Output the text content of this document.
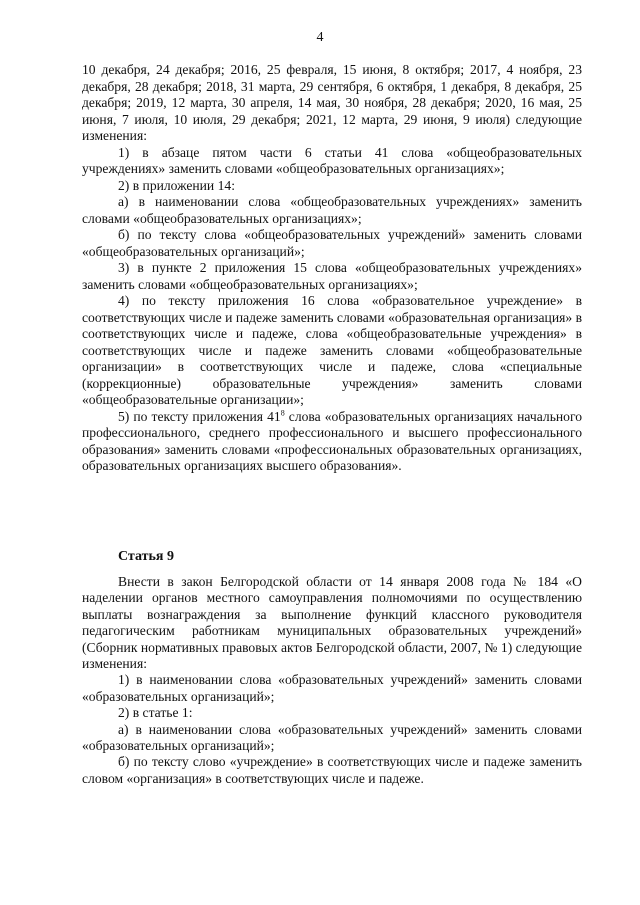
4

10 декабря, 24 декабря; 2016, 25 февраля, 15 июня, 8 октября; 2017, 4 ноября, 23 декабря, 28 декабря; 2018, 31 марта, 29 сентября, 6 октября, 1 декабря, 8 декабря, 25 декабря; 2019, 12 марта, 30 апреля, 14 мая, 30 ноября, 28 декабря; 2020, 16 мая, 25 июня, 7 июля, 10 июля, 29 декабря; 2021, 12 марта, 29 июня, 9 июля) следующие изменения:

1) в абзаце пятом части 6 статьи 41 слова «общеобразовательных учреждениях» заменить словами «общеобразовательных организациях»;

2) в приложении 14:

а) в наименовании слова «общеобразовательных учреждениях» заменить словами «общеобразовательных организациях»;

б) по тексту слова «общеобразовательных учреждений» заменить словами «общеобразовательных организаций»;

3) в пункте 2 приложения 15 слова «общеобразовательных учреждениях» заменить словами «общеобразовательных организациях»;

4) по тексту приложения 16 слова «образовательное учреждение» в соответствующих числе и падеже заменить словами «образовательная организация» в соответствующих числе и падеже, слова «общеобразовательные учреждения» в соответствующих числе и падеже заменить словами «общеобразовательные организации» в соответствующих числе и падеже, слова «специальные (коррекционные) образовательные учреждения» заменить словами «общеобразовательные организации»;

5) по тексту приложения $41^8$ слова «образовательных организациях начального профессионального, среднего профессионального и высшего профессионального образования» заменить словами «профессиональных образовательных организациях, образовательных организациях высшего образования».

Статья 9

Внести в закон Белгородской области от 14 января 2008 года № 184 «О наделении органов местного самоуправления полномочиями по осуществлению выплаты вознаграждения за выполнение функций классного руководителя педагогическим работникам муниципальных образовательных учреждений» (Сборник нормативных правовых актов Белгородской области, 2007, № 1) следующие изменения:

1) в наименовании слова «образовательных учреждений» заменить словами «образовательных организаций»;

2) в статье 1:

а) в наименовании слова «образовательных учреждений» заменить словами «образовательных организаций»;

б) по тексту слово «учреждение» в соответствующих числе и падеже заменить словом «организация» в соответствующих числе и падеже.
